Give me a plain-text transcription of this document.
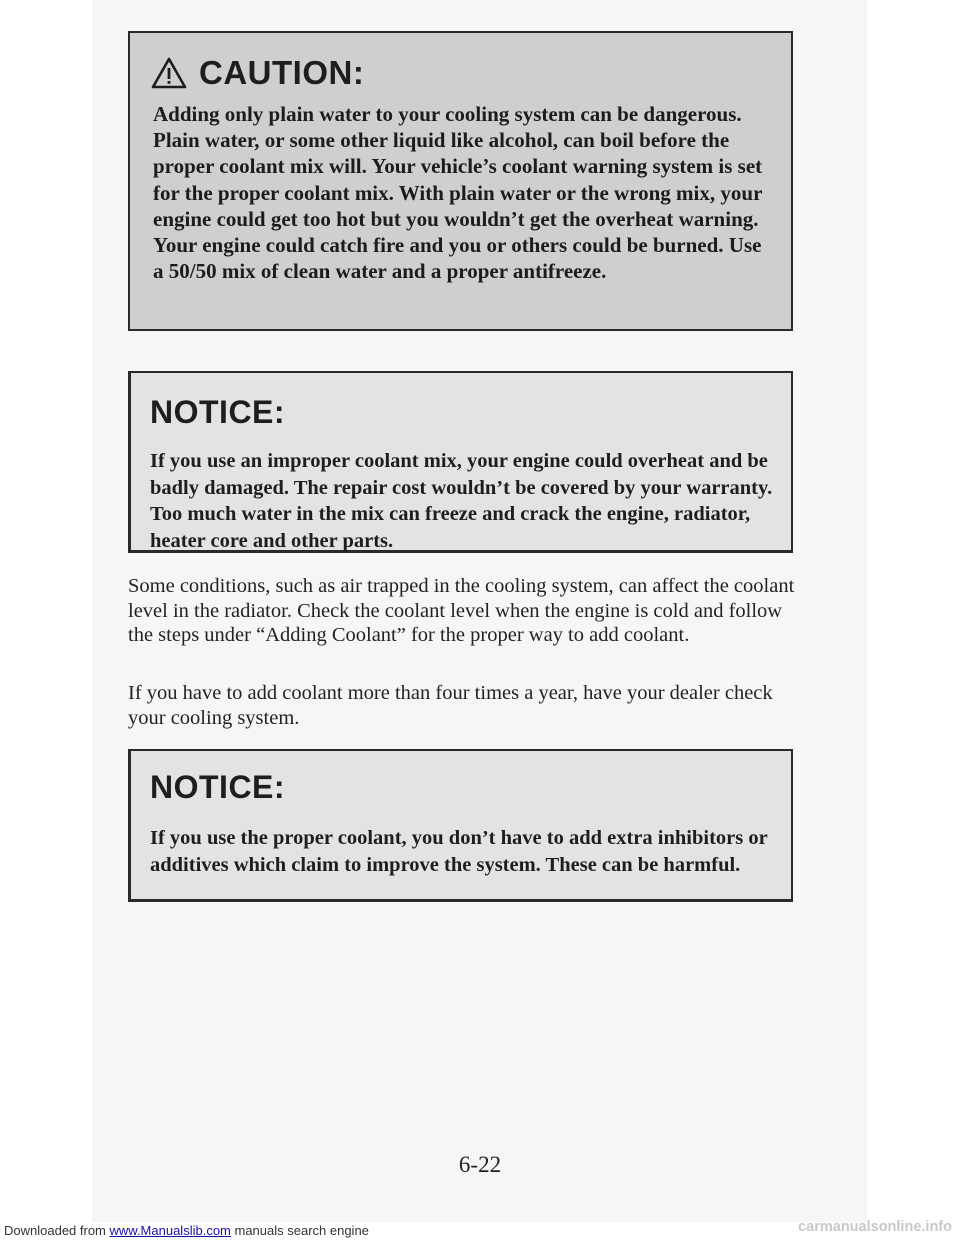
CAUTION:
Adding only plain water to your cooling system can be dangerous. Plain water, or some other liquid like alcohol, can boil before the proper coolant mix will. Your vehicle’s coolant warning system is set for the proper coolant mix. With plain water or the wrong mix, your engine could get too hot but you wouldn’t get the overheat warning. Your engine could catch fire and you or others could be burned. Use a 50/50 mix of clean water and a proper antifreeze.
NOTICE:
If you use an improper coolant mix, your engine could overheat and be badly damaged. The repair cost wouldn’t be covered by your warranty. Too much water in the mix can freeze and crack the engine, radiator, heater core and other parts.
Some conditions, such as air trapped in the cooling system, can affect the coolant level in the radiator. Check the coolant level when the engine is cold and follow the steps under “Adding Coolant” for the proper way to add coolant.
If you have to add coolant more than four times a year, have your dealer check your cooling system.
NOTICE:
If you use the proper coolant, you don’t have to add extra inhibitors or additives which claim to improve the system. These can be harmful.
6-22
Downloaded from www.Manualslib.com manuals search engine	carmanualsonline.info
